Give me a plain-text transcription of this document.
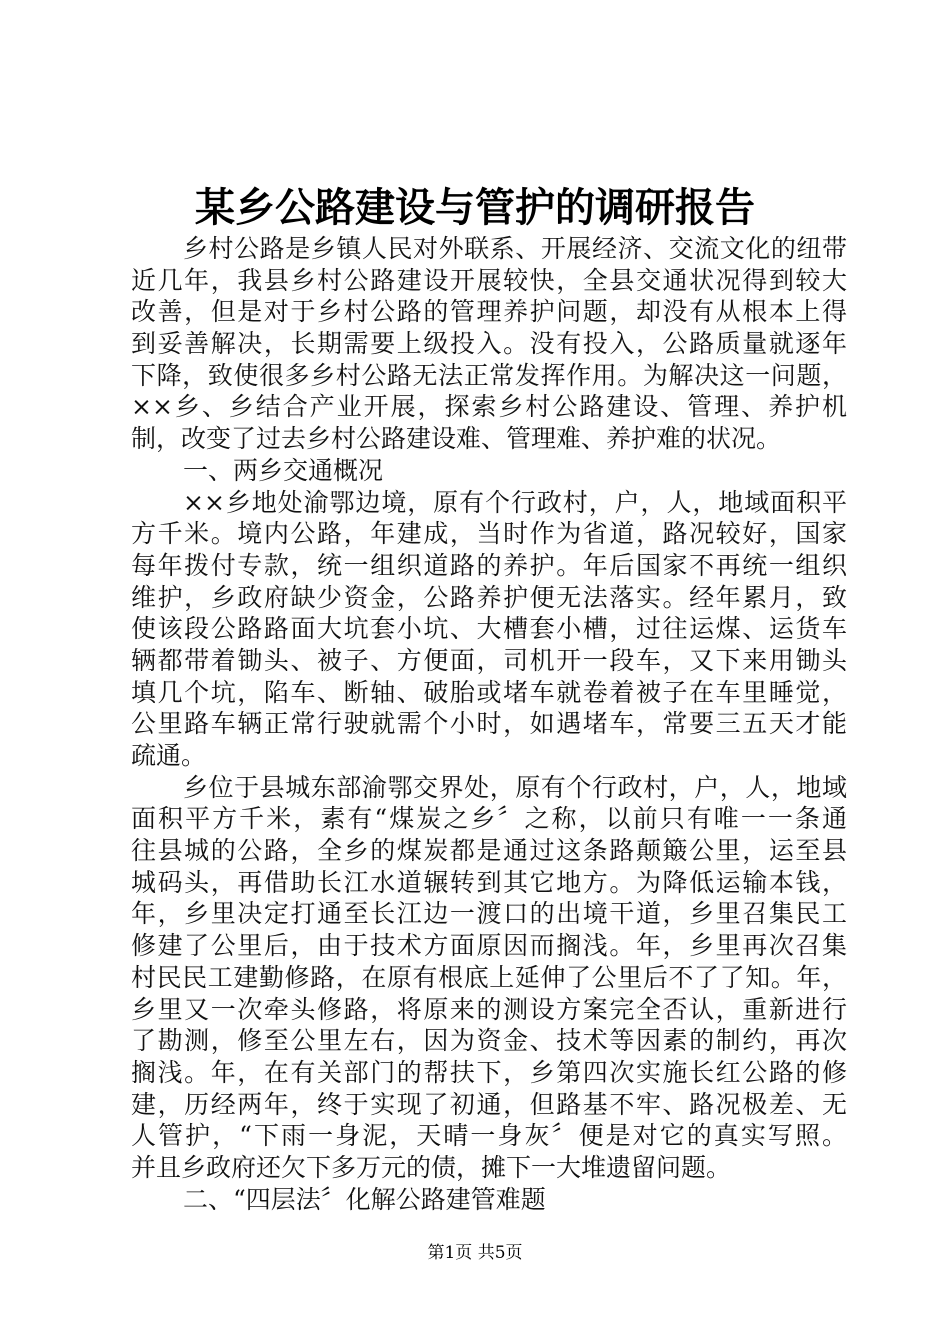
某乡公路建设与管护的调研报告
乡村公路是乡镇人民对外联系、开展经济、交流文化的纽带
近几年，我县乡村公路建设开展较快，全县交通状况得到较大
改善，但是对于乡村公路的管理养护问题，却没有从根本上得
到妥善解决，长期需要上级投入。没有投入，公路质量就逐年
下降，致使很多乡村公路无法正常发挥作用。为解决这一问题，
××乡、乡结合产业开展，探索乡村公路建设、管理、养护机
制，改变了过去乡村公路建设难、管理难、养护难的状况。
一、两乡交通概况
××乡地处渝鄂边境，原有个行政村，户，人，地域面积平
方千米。境内公路，年建成，当时作为省道，路况较好，国家
每年拨付专款，统一组织道路的养护。年后国家不再统一组织
维护，乡政府缺少资金，公路养护便无法落实。经年累月，致
使该段公路路面大坑套小坑、大槽套小槽，过往运煤、运货车
辆都带着锄头、被子、方便面，司机开一段车，又下来用锄头
填几个坑，陷车、断轴、破胎或堵车就卷着被子在车里睡觉，
公里路车辆正常行驶就需个小时，如遇堵车，常要三五天才能
疏通。
乡位于县城东部渝鄂交界处，原有个行政村，户，人，地域
面积平方千米，素有“煤炭之乡〞之称，以前只有唯一一条通
往县城的公路，全乡的煤炭都是通过这条路颠簸公里，运至县
城码头，再借助长江水道辗转到其它地方。为降低运输本钱，
年，乡里决定打通至长江边一渡口的出境干道，乡里召集民工
修建了公里后，由于技术方面原因而搁浅。年，乡里再次召集
村民民工建勤修路，在原有根底上延伸了公里后不了了知。年，
乡里又一次牵头修路，将原来的测设方案完全否认，重新进行
了勘测，修至公里左右，因为资金、技术等因素的制约，再次
搁浅。年，在有关部门的帮扶下，乡第四次实施长红公路的修
建，历经两年，终于实现了初通，但路基不牢、路况极差、无
人管护，“下雨一身泥，天晴一身灰〞便是对它的真实写照。
并且乡政府还欠下多万元的债，摊下一大堆遗留问题。
二、“四层法〞化解公路建管难题
第1页 共5页
